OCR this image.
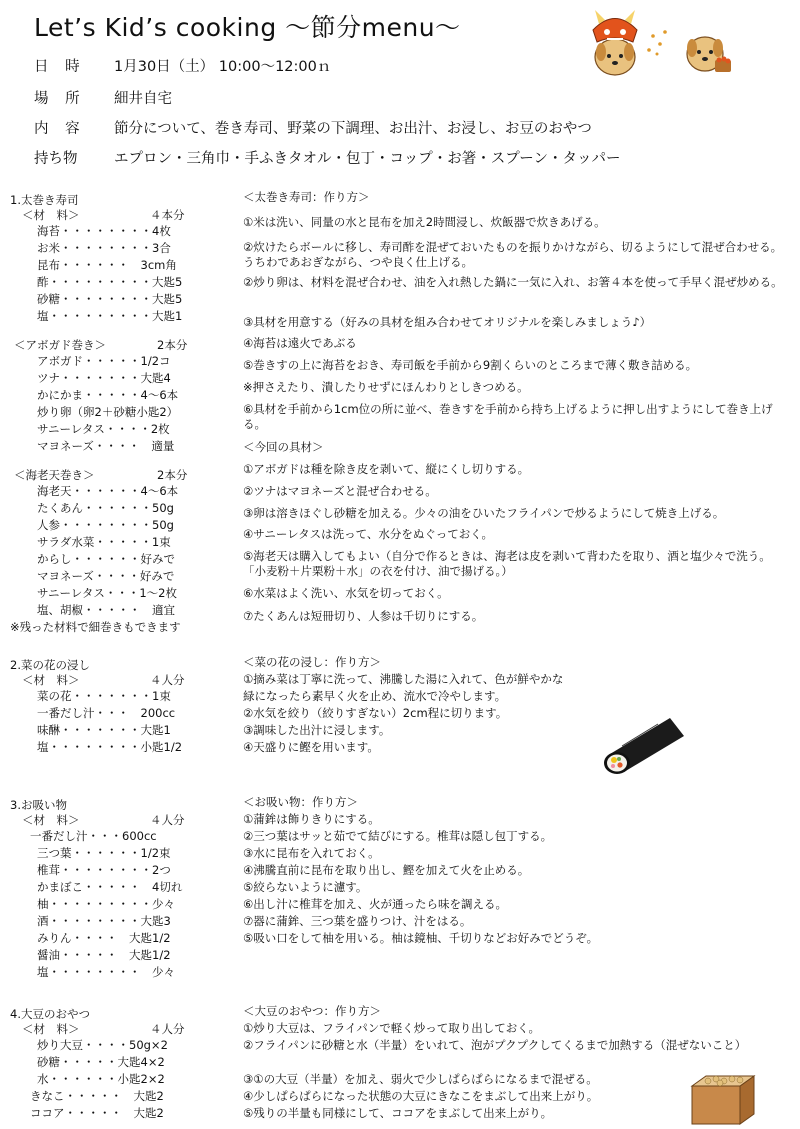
Let’s Kid’s cooking ～節分menu～
日 時 1月30日（土） 10:00～12:00ｎ
場 所 細井自宅
内 容 節分について、巻き寿司、野菜の下調理、お出汁、お浸し、お豆のおやつ
持ち物	エプロン・三角巾・手ふきタオル・包丁・コップ・お箸・スプーン・タッパー
1.太巻き寿司
＜材　料＞	４本分
海苔・・・・・・・・4枚
お米・・・・・・・・3合
昆布・・・・・・　3cm角
酢・・・・・・・・・大匙5
砂糖・・・・・・・・大匙5
塩・・・・・・・・・大匙1
＜アボガド巻き＞	2本分
アボガド・・・・・1/2コ
ツナ・・・・・・・大匙4
かにかま・・・・・4～6本
炒り卵（卵2＋砂糖小匙2）
サニーレタス・・・・2枚
マヨネーズ・・・・　適量
＜海老天巻き＞	2本分
海老天・・・・・・4～6本
たくあん・・・・・・50g
人参・・・・・・・・50g
サラダ水菜・・・・・1束
からし・・・・・・好みで
マヨネーズ・・・・好みで
サニーレタス・・・1～2枚
塩、胡椒・・・・・　適宜
※残った材料で細巻きもできます
＜太巻き寿司：作り方＞
①米は洗い、同量の水と昆布を加え2時間浸し、炊飯器で炊きあげる。
②炊けたらボールに移し、寿司酢を混ぜておいたものを振りかけながら、切るようにして混ぜ合わせる。うちわであおぎながら、つや良く仕上げる。
②炒り卵は、材料を混ぜ合わせ、油を入れ熱した鍋に一気に入れ、お箸４本を使って手早く混ぜ炒める。
③具材を用意する（好みの具材を組み合わせてオリジナルを楽しみましょう♪）
④海苔は遠火であぶる
⑤巻きすの上に海苔をおき、寿司飯を手前から9割くらいのところまで薄く敷き詰める。
※押さえたり、潰したりせずにほんわりとしきつめる。
⑥具材を手前から1cm位の所に並べ、巻きすを手前から持ち上げるように押し出すようにして巻き上げる。
＜今回の具材＞
①アボガドは種を除き皮を剥いて、縦にくし切りする。
②ツナはマヨネーズと混ぜ合わせる。
③卵は溶きほぐし砂糖を加える。少々の油をひいたフライパンで炒るようにして焼き上げる。
④サニーレタスは洗って、水分をぬぐっておく。
⑤海老天は購入してもよい（自分で作るときは、海老は皮を剥いて背わたを取り、酒と塩少々で洗う。「小麦粉＋片栗粉＋水」の衣を付け、油で揚げる。）
⑥水菜はよく洗い、水気を切っておく。
⑦たくあんは短冊切り、人参は千切りにする。
2.菜の花の浸し
＜材　料＞	４人分
菜の花・・・・・・・1束
一番だし汁・・・　200cc
味醂・・・・・・・大匙1
塩・・・・・・・・小匙1/2
＜菜の花の浸し：作り方＞
①摘み菜は丁寧に洗って、沸騰した湯に入れて、色が鮮やかな
緑になったら素早く火を止め、流水で冷やします。
②水気を絞り（絞りすぎない）2cm程に切ります。
③調味した出汁に浸します。
④天盛りに鰹を用います。
3.お吸い物
＜材　料＞	４人分
一番だし汁・・・600cc
三つ葉・・・・・・1/2束
椎茸・・・・・・・・2つ
かまぼこ・・・・・　4切れ
柚・・・・・・・・・少々
酒・・・・・・・・大匙3
みりん・・・・　大匙1/2
醤油・・・・・　大匙1/2
塩・・・・・・・・　少々
＜お吸い物：作り方＞
①蒲鉾は飾りきりにする。
②三つ葉はサッと茹でて結びにする。椎茸は隠し包丁する。
③水に昆布を入れておく。
④沸騰直前に昆布を取り出し、鰹を加えて火を止める。
⑤絞らないように濾す。
⑥出し汁に椎茸を加え、火が通ったら味を調える。
⑦器に蒲鉾、三つ葉を盛りつけ、汁をはる。
⑤吸い口をして柚を用いる。柚は鏡柚、千切りなどお好みでどうぞ。
4.大豆のおやつ
＜材　料＞	４人分
炒り大豆・・・・50g×2
砂糖・・・・・大匙4×2
水・・・・・・小匙2×2
きなこ・・・・・　大匙2
ココア・・・・・　大匙2
＜大豆のおやつ：作り方＞
①炒り大豆は、フライパンで軽く炒って取り出しておく。
②フライパンに砂糖と水（半量）をいれて、泡がプクプクしてくるまで加熱する（混ぜないこと）
③①の大豆（半量）を加え、弱火で少しぱらぱらになるまで混ぜる。
④少しぱらぱらになった状態の大豆にきなこをまぶして出来上がり。
⑤残りの半量も同様にして、ココアをまぶして出来上がり。
